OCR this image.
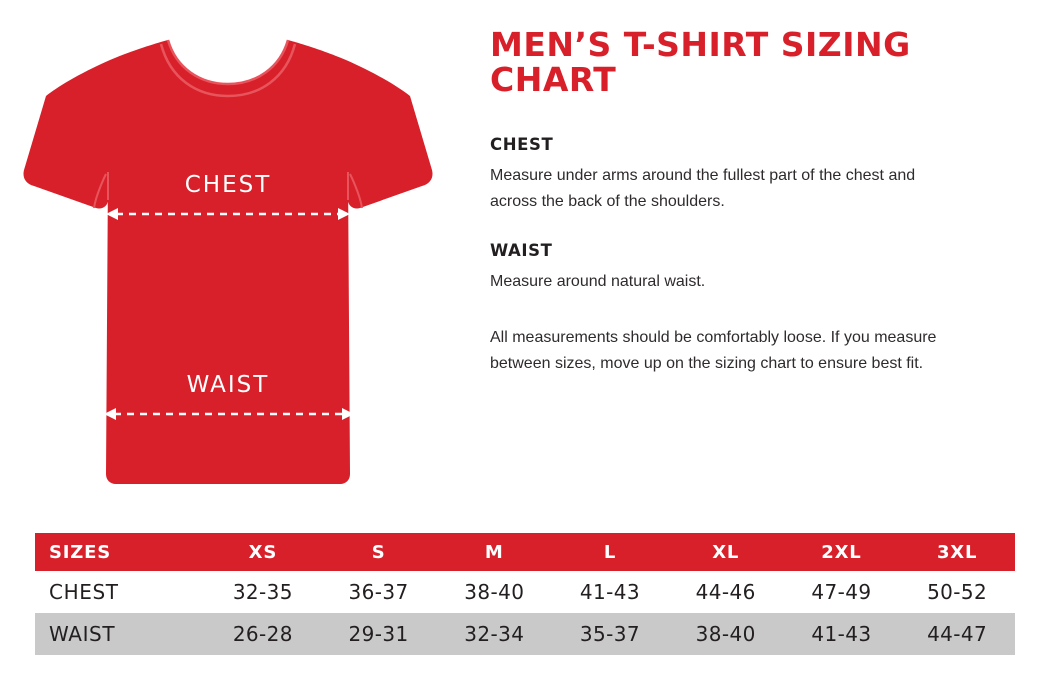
CHEST
WAIST
MEN’S T-SHIRT SIZING CHART
CHEST

Measure under arms around the fullest part of the chest and across the back of the shoulders.

WAIST

Measure around natural waist.

All measurements should be comfortably loose. If you measure between sizes, move up on the sizing chart to ensure best fit.

SIZES	XS	S	M	L	XL	2XL	3XL
CHEST	32-35	36-37	38-40	41-43	44-46	47-49	50-52
WAIST	26-28	29-31	32-34	35-37	38-40	41-43	44-47
